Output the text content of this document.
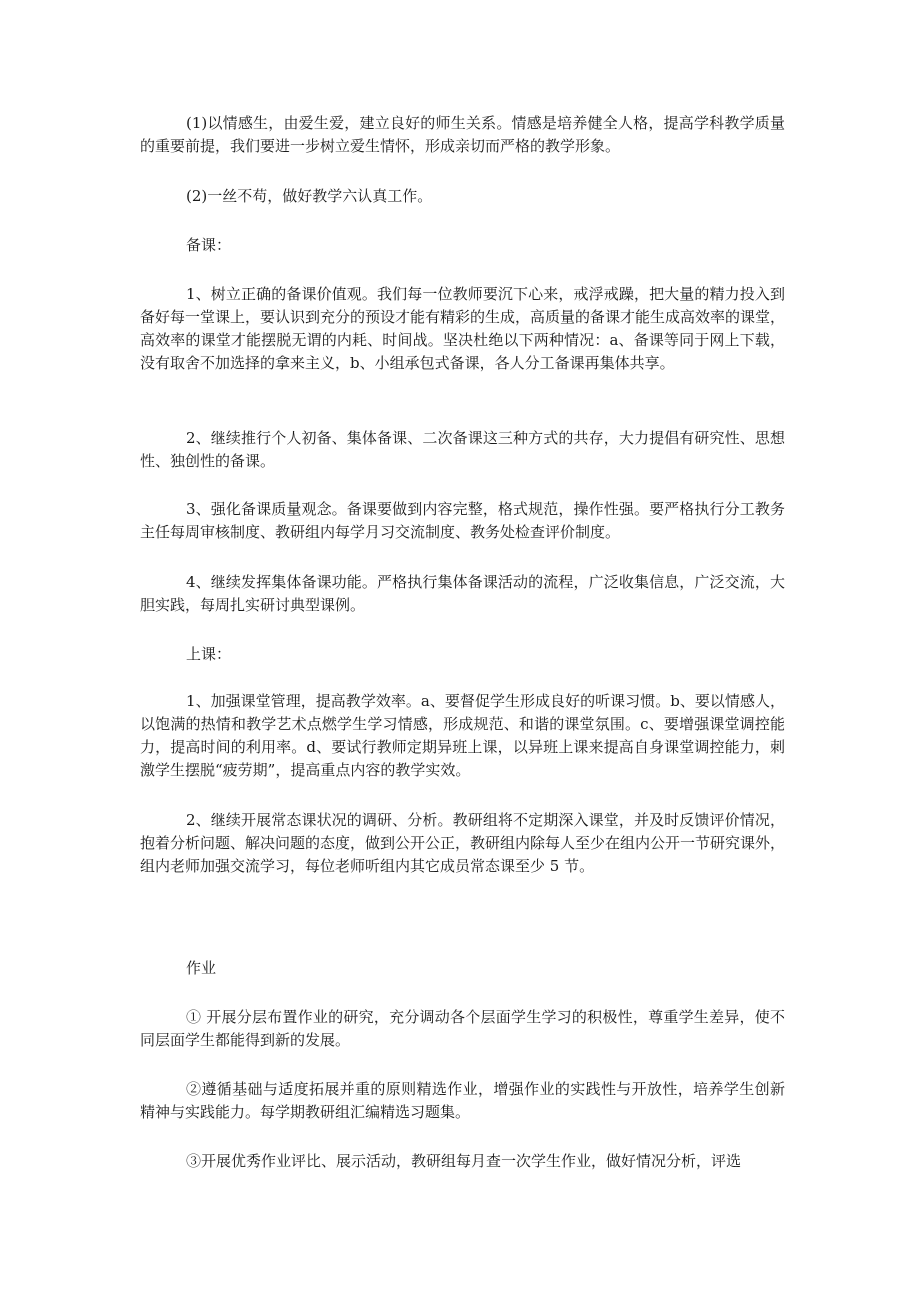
(1)以情感生，由爱生爱，建立良好的师生关系。情感是培养健全人格，提高学科教学质量的重要前提，我们要进一步树立爱生情怀，形成亲切而严格的教学形象。

(2)一丝不苟，做好教学六认真工作。

备课：

1、树立正确的备课价值观。我们每一位教师要沉下心来，戒浮戒躁，把大量的精力投入到备好每一堂课上，要认识到充分的预设才能有精彩的生成，高质量的备课才能生成高效率的课堂，高效率的课堂才能摆脱无谓的内耗、时间战。坚决杜绝以下两种情况：a、备课等同于网上下载，没有取舍不加选择的拿来主义，b、小组承包式备课，各人分工备课再集体共享。

2、继续推行个人初备、集体备课、二次备课这三种方式的共存，大力提倡有研究性、思想性、独创性的备课。

3、强化备课质量观念。备课要做到内容完整，格式规范，操作性强。要严格执行分工教务主任每周审核制度、教研组内每学月习交流制度、教务处检查评价制度。

4、继续发挥集体备课功能。严格执行集体备课活动的流程，广泛收集信息，广泛交流，大胆实践，每周扎实研讨典型课例。

上课：

1、加强课堂管理，提高教学效率。a、要督促学生形成良好的听课习惯。b、要以情感人，以饱满的热情和教学艺术点燃学生学习情感，形成规范、和谐的课堂氛围。c、要增强课堂调控能力，提高时间的利用率。d、要试行教师定期异班上课，以异班上课来提高自身课堂调控能力，刺激学生摆脱“疲劳期”，提高重点内容的教学实效。

2、继续开展常态课状况的调研、分析。教研组将不定期深入课堂，并及时反馈评价情况，抱着分析问题、解决问题的态度，做到公开公正，教研组内除每人至少在组内公开一节研究课外，组内老师加强交流学习，每位老师听组内其它成员常态课至少 5 节。

作业

① 开展分层布置作业的研究，充分调动各个层面学生学习的积极性，尊重学生差异，使不同层面学生都能得到新的发展。

②遵循基础与适度拓展并重的原则精选作业，增强作业的实践性与开放性，培养学生创新精神与实践能力。每学期教研组汇编精选习题集。

③开展优秀作业评比、展示活动，教研组每月查一次学生作业，做好情况分析，评选
